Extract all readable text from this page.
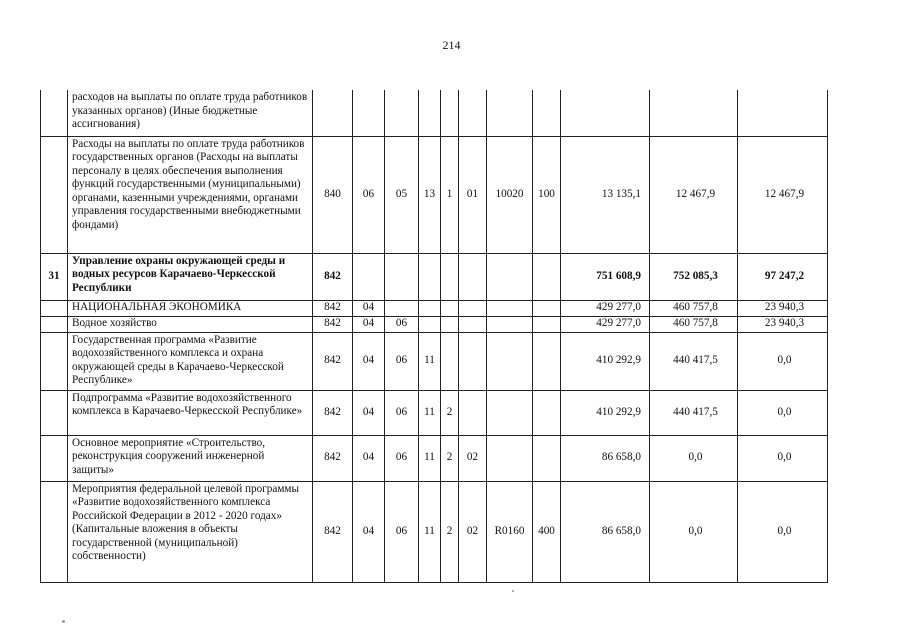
214
	расходов на выплаты по оплате труда работников указанных органов) (Иные бюджетные ассигнования)											
	Расходы на выплаты по оплате труда работников государственных органов (Расходы на выплаты персоналу в целях обеспечения выполнения функций государственными (муниципальными) органами, казенными учреждениями, органами управления государственными внебюджетными фондами)	840	06	05	13	1	01	10020	100	13 135,1	12 467,9	12 467,9
31	Управление охраны окружающей среды и водных ресурсов Карачаево-Черкесской Республики	842								751 608,9	752 085,3	97 247,2
	НАЦИОНАЛЬНАЯ ЭКОНОМИКА	842	04							429 277,0	460 757,8	23 940,3
	Водное хозяйство	842	04	06						429 277,0	460 757,8	23 940,3
	Государственная программа «Развитие водохозяйственного комплекса и охрана окружающей среды в Карачаево-Черкесской Республике»	842	04	06	11					410 292,9	440 417,5	0,0
	Подпрограмма «Развитие водохозяйственного комплекса в Карачаево-Черкесской Республике»	842	04	06	11	2				410 292,9	440 417,5	0,0
	Основное мероприятие «Строительство, реконструкция сооружений инженерной защиты»	842	04	06	11	2	02			86 658,0	0,0	0,0
	Мероприятия федеральной целевой программы «Развитие водохозяйственного комплекса Российской Федерации в 2012 - 2020 годах» (Капитальные вложения в объекты государственной (муниципальной) собственности)	842	04	06	11	2	02	R0160	400	86 658,0	0,0	0,0
